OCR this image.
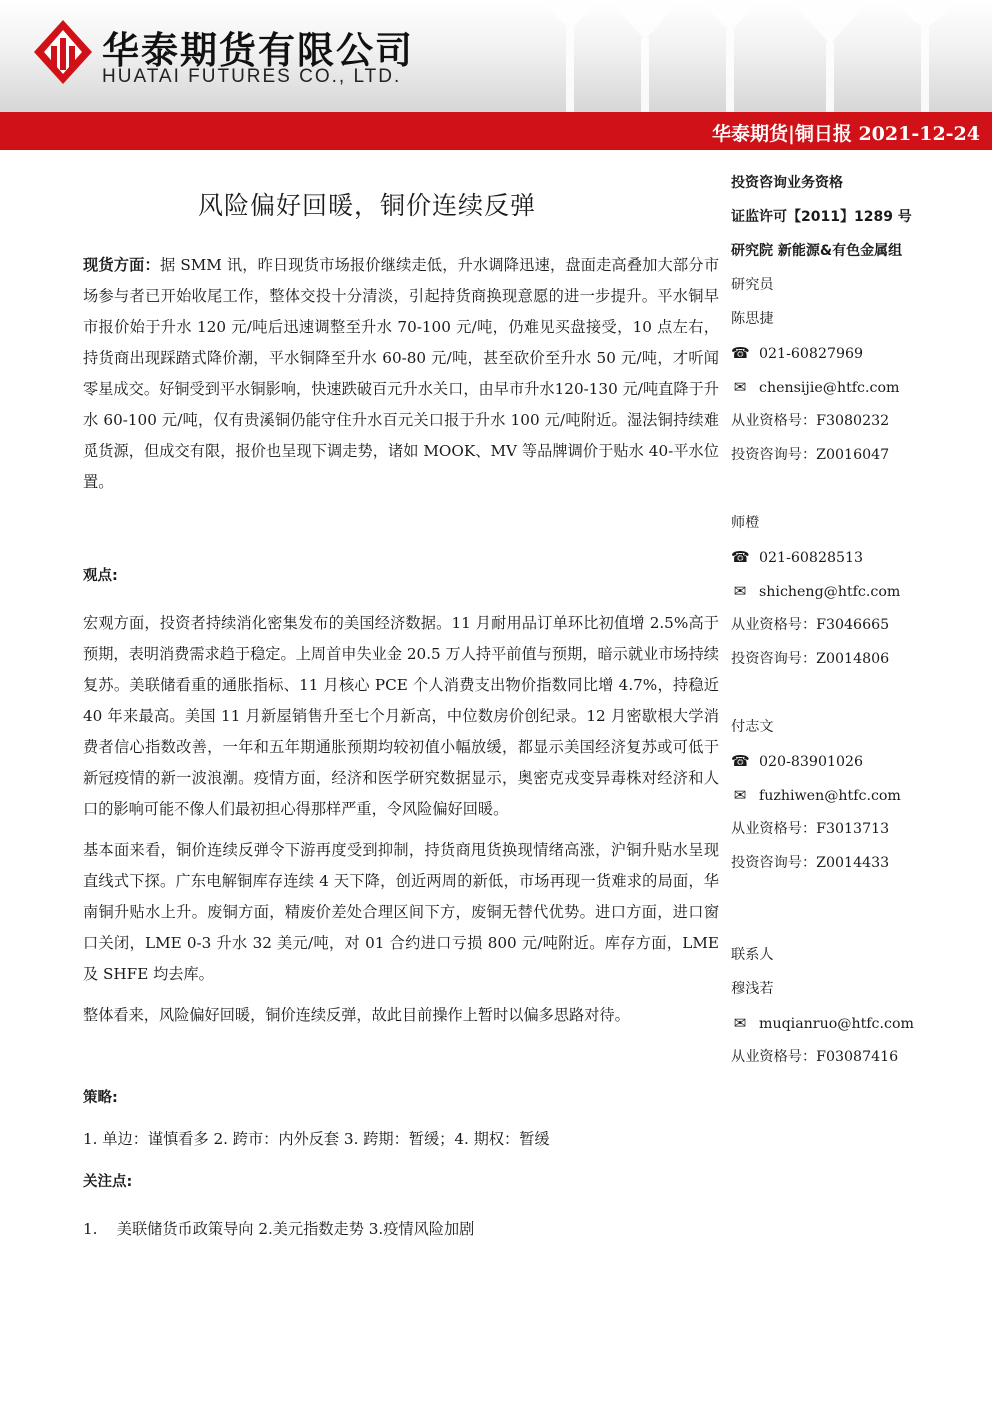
华泰期货有限公司
HUATAI FUTURES CO., LTD.
华泰期货|铜日报 2021-12-24
风险偏好回暖，铜价连续反弹

现货方面：据 SMM 讯，昨日现货市场报价继续走低，升水调降迅速，盘面走高叠加大部分市场参与者已开始收尾工作，整体交投十分清淡，引起持货商换现意愿的进一步提升。平水铜早市报价始于升水 120 元/吨后迅速调整至升水 70-100 元/吨，仍难见买盘接受，10 点左右，持货商出现踩踏式降价潮，平水铜降至升水 60-80 元/吨，甚至砍价至升水 50 元/吨，才听闻零星成交。好铜受到平水铜影响，快速跌破百元升水关口，由早市升水120-130 元/吨直降于升水 60-100 元/吨，仅有贵溪铜仍能守住升水百元关口报于升水 100 元/吨附近。湿法铜持续难觅货源，但成交有限，报价也呈现下调走势，诸如 MOOK、MV 等品牌调价于贴水 40-平水位置。

观点:

宏观方面，投资者持续消化密集发布的美国经济数据。11 月耐用品订单环比初值增 2.5%高于预期，表明消费需求趋于稳定。上周首申失业金 20.5 万人持平前值与预期，暗示就业市场持续复苏。美联储看重的通胀指标、11 月核心 PCE 个人消费支出物价指数同比增 4.7%，持稳近 40 年来最高。美国 11 月新屋销售升至七个月新高，中位数房价创纪录。12 月密歇根大学消费者信心指数改善，一年和五年期通胀预期均较初值小幅放缓，都显示美国经济复苏或可低于新冠疫情的新一波浪潮。疫情方面，经济和医学研究数据显示，奥密克戎变异毒株对经济和人口的影响可能不像人们最初担心得那样严重，令风险偏好回暖。

基本面来看，铜价连续反弹令下游再度受到抑制，持货商甩货换现情绪高涨，沪铜升贴水呈现直线式下探。广东电解铜库存连续 4 天下降，创近两周的新低，市场再现一货难求的局面，华南铜升贴水上升。废铜方面，精废价差处合理区间下方，废铜无替代优势。进口方面，进口窗口关闭，LME 0-3 升水 32 美元/吨，对 01 合约进口亏损 800 元/吨附近。库存方面，LME 及 SHFE 均去库。

整体看来，风险偏好回暖，铜价连续反弹，故此目前操作上暂时以偏多思路对待。

策略:

1. 单边：谨慎看多 2. 跨市：内外反套 3. 跨期：暂缓；4. 期权：暂缓

关注点:

1.    美联储货币政策导向 2.美元指数走势 3.疫情风险加剧

投资咨询业务资格
证监许可【2011】1289 号
研究院 新能源&有色金属组
研究员
陈思捷
☎ 021-60827969
✉ chensijie@htfc.com
从业资格号：F3080232
投资咨询号：Z0016047
师橙
☎ 021-60828513
✉ shicheng@htfc.com
从业资格号：F3046665
投资咨询号：Z0014806
付志文
☎ 020-83901026
✉ fuzhiwen@htfc.com
从业资格号：F3013713
投资咨询号：Z0014433
联系人
穆浅若
✉ muqianruo@htfc.com
从业资格号：F03087416
